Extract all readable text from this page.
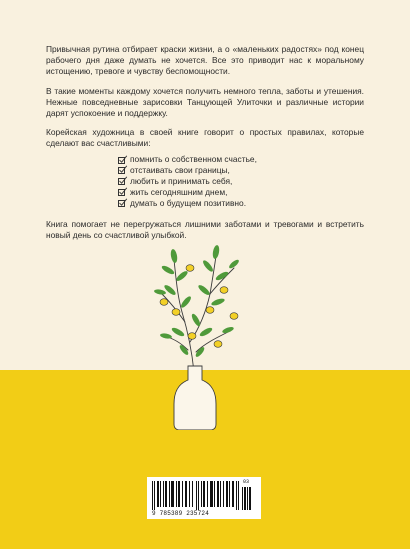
Привычная рутина отбирает краски жизни, а о «маленьких радостях» под конец рабочего дня даже думать не хочется. Все это приводит нас к моральному истощению, тревоге и чувству беспомощности.

В такие моменты каждому хочется получить немного тепла, заботы и утешения. Нежные повседневные зарисовки Танцующей Улиточки и различные истории дарят успокоение и поддержку.

Корейская художница в своей книге говорит о простых правилах, которые сделают вас счастливыми:

помнить о собственном счастье,
отстаивать свои границы,
любить и принимать себя,
жить сегодняшним днем,
думать о будущем позитивно.

Книга помогает не перегружаться лишними заботами и тревогами и встретить новый день со счастливой улыбкой.

03
9 785389 235724
